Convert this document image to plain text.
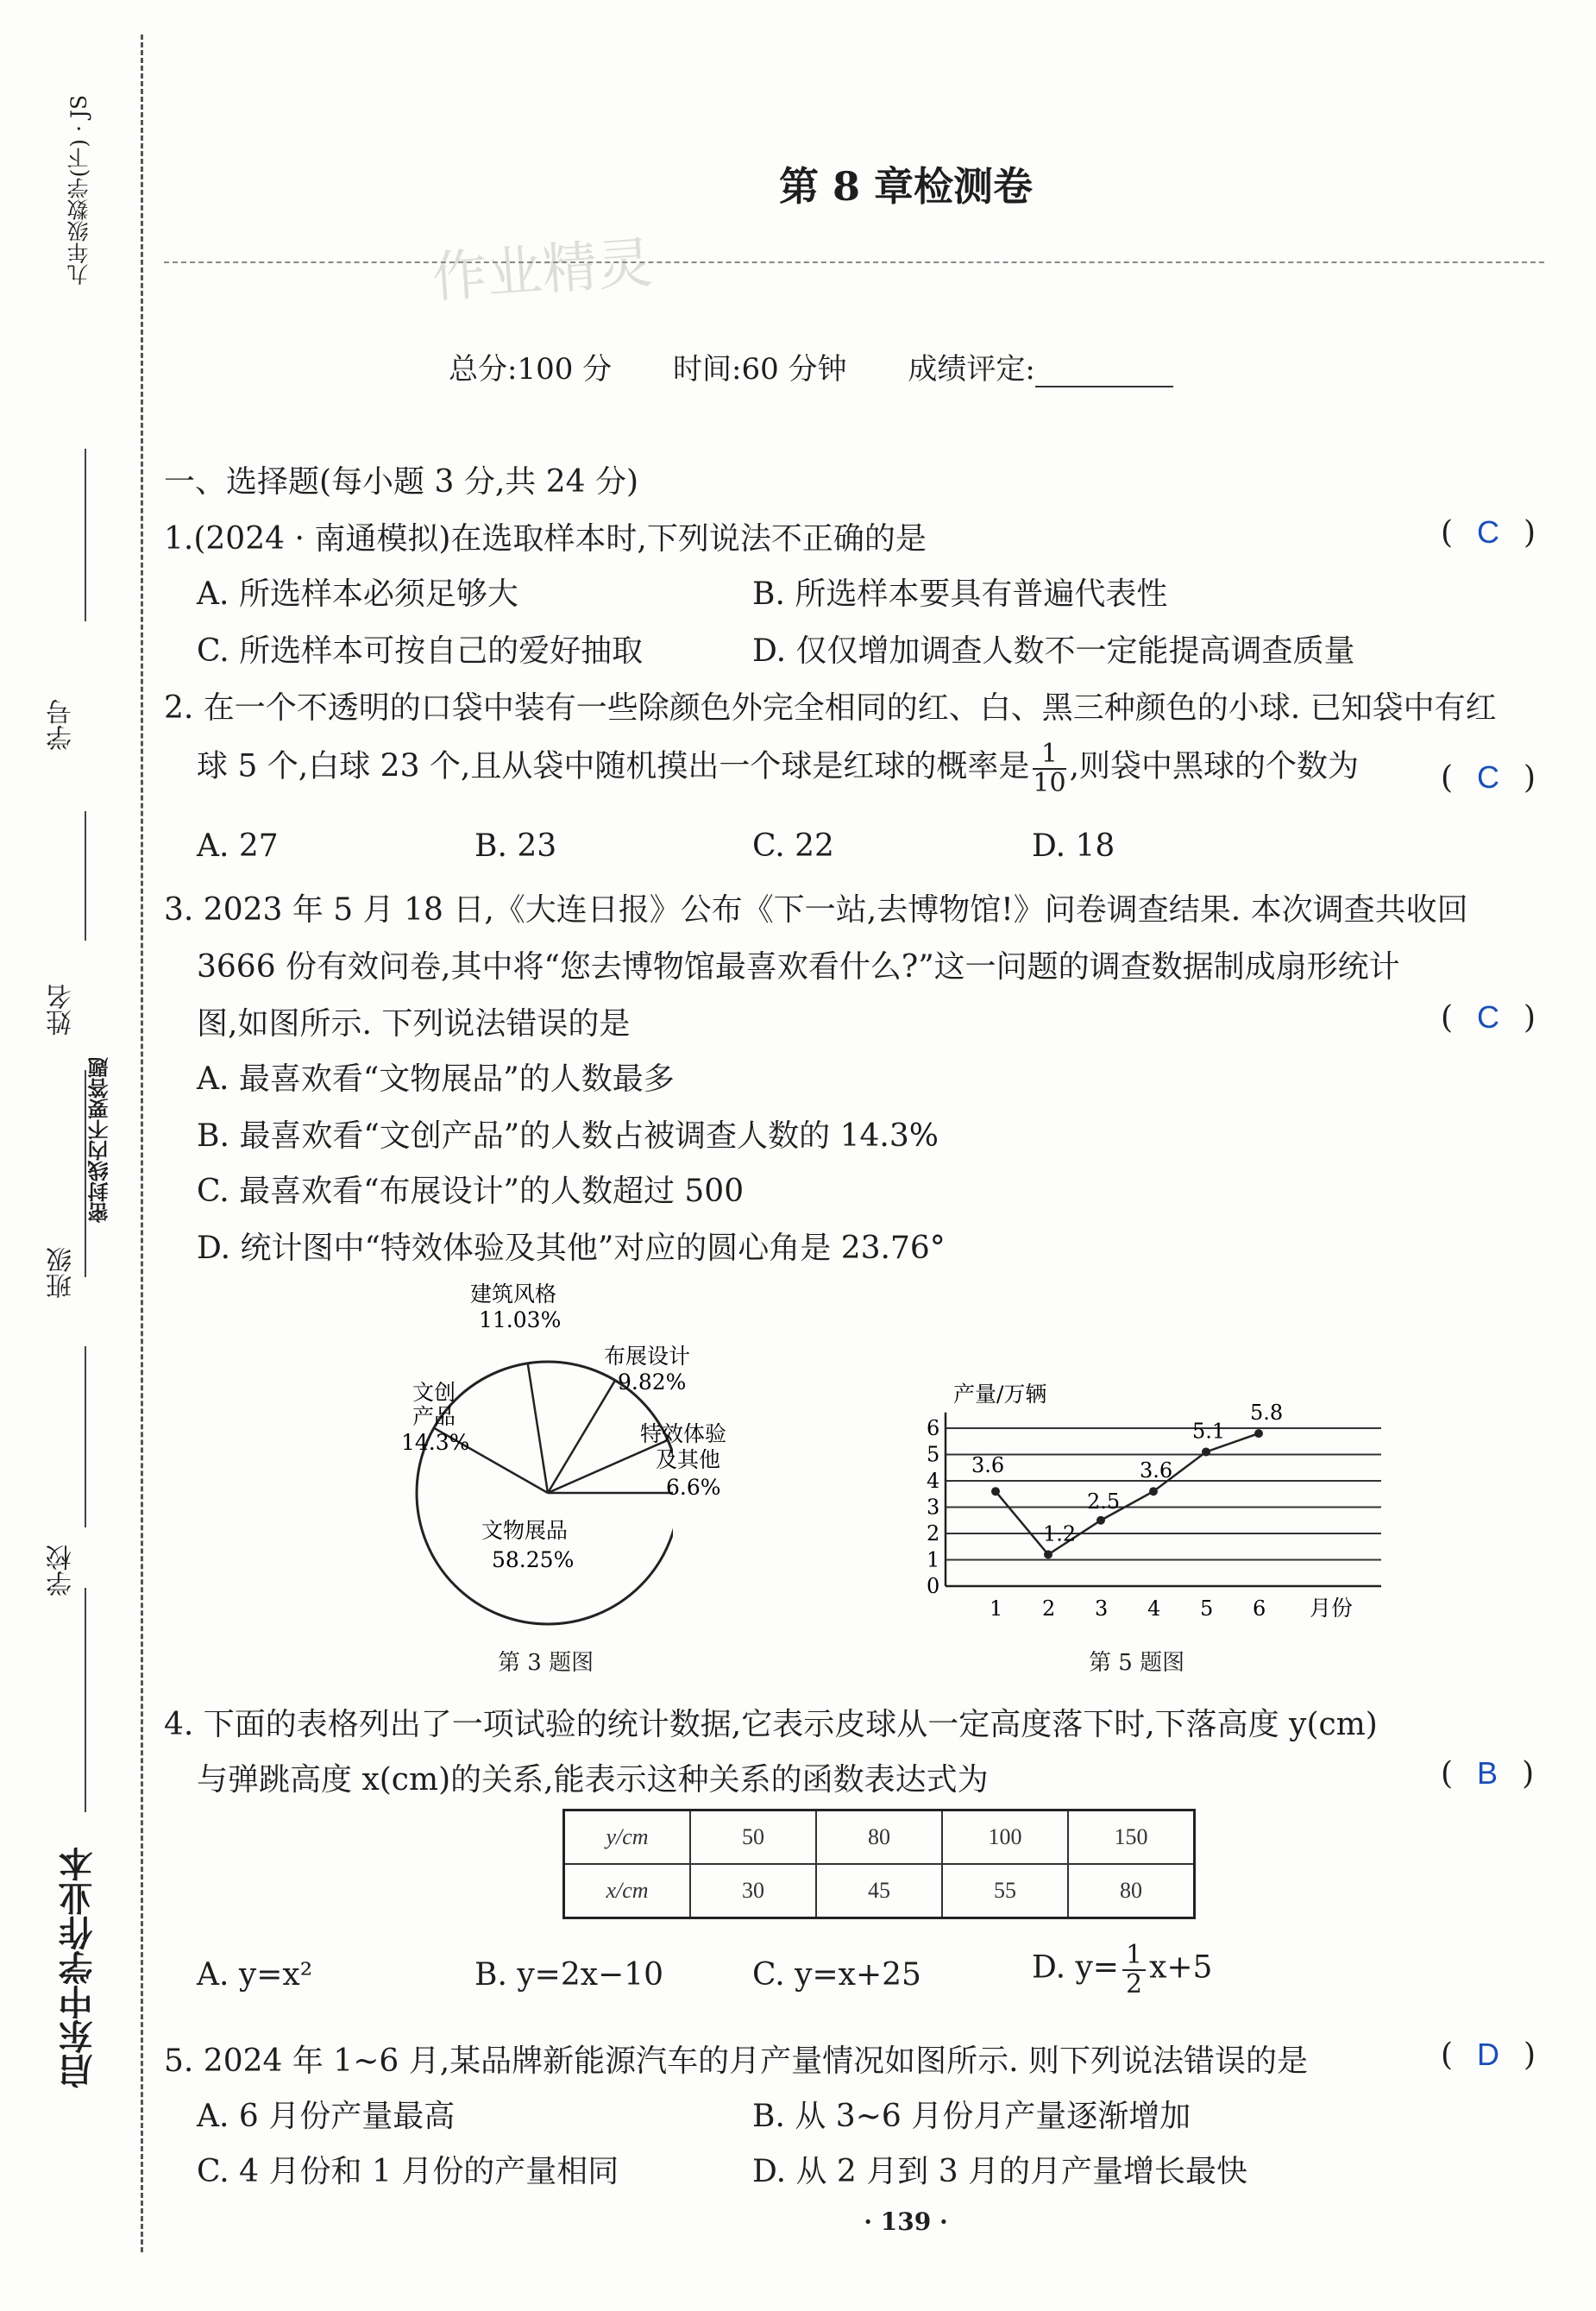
九年级数学(下) · JS
学号
姓名
密封线内不要答题
班级
学校
启东中学作业本
作业精灵
第 8 章检测卷
总分:100 分 时间:60 分钟 成绩评定:
一、选择题(每小题 3 分,共 24 分)
1.(2024 · 南通模拟)在选取样本时,下列说法不正确的是	( C )
A. 所选样本必须足够大	B. 所选样本要具有普遍代表性
C. 所选样本可按自己的爱好抽取	D. 仅仅增加调查人数不一定能提高调查质量
2. 在一个不透明的口袋中装有一些除颜色外完全相同的红、白、黑三种颜色的小球. 已知袋中有红
球 5 个,白球 23 个,且从袋中随机摸出一个球是红球的概率是 $\frac{1}{10}$ ,则袋中黑球的个数为	( C )
A. 27	B. 23	C. 22	D. 18
3. 2023 年 5 月 18 日,《大连日报》公布《下一站,去博物馆!》问卷调查结果. 本次调查共收回
3666 份有效问卷,其中将“您去博物馆最喜欢看什么?”这一问题的调查数据制成扇形统计
图,如图所示. 下列说法错误的是	( C )
A. 最喜欢看“文物展品”的人数最多
B. 最喜欢看“文创产品”的人数占被调查人数的 14.3%
C. 最喜欢看“布展设计”的人数超过 500
D. 统计图中“特效体验及其他”对应的圆心角是 23.76°
文物展品
58.25%
文创
产品
14.3%
建筑风格
11.03%
布展设计
9.82%
特效体验
及其他
6.6%
第 3 题图
0
1
2
3
4
5
6
1 2 3 4 5 6
3.6
1.2
2.5
3.6
5.1
5.8
产量/万辆
月份
第 5 题图
4. 下面的表格列出了一项试验的统计数据,它表示皮球从一定高度落下时,下落高度 y(cm)
与弹跳高度 x(cm)的关系,能表示这种关系的函数表达式为	( B )
y/cm	50	80	100	150
x/cm	30	45	55	80
A. y=x²	B. y=2x−10	C. y=x+25	D. $y= \frac{1}{2} x+5$
5. 2024 年 1~6 月,某品牌新能源汽车的月产量情况如图所示. 则下列说法错误的是	( D )
A. 6 月份产量最高	B. 从 3~6 月份月产量逐渐增加
C. 4 月份和 1 月份的产量相同	D. 从 2 月到 3 月的月产量增长最快
· 139 ·
